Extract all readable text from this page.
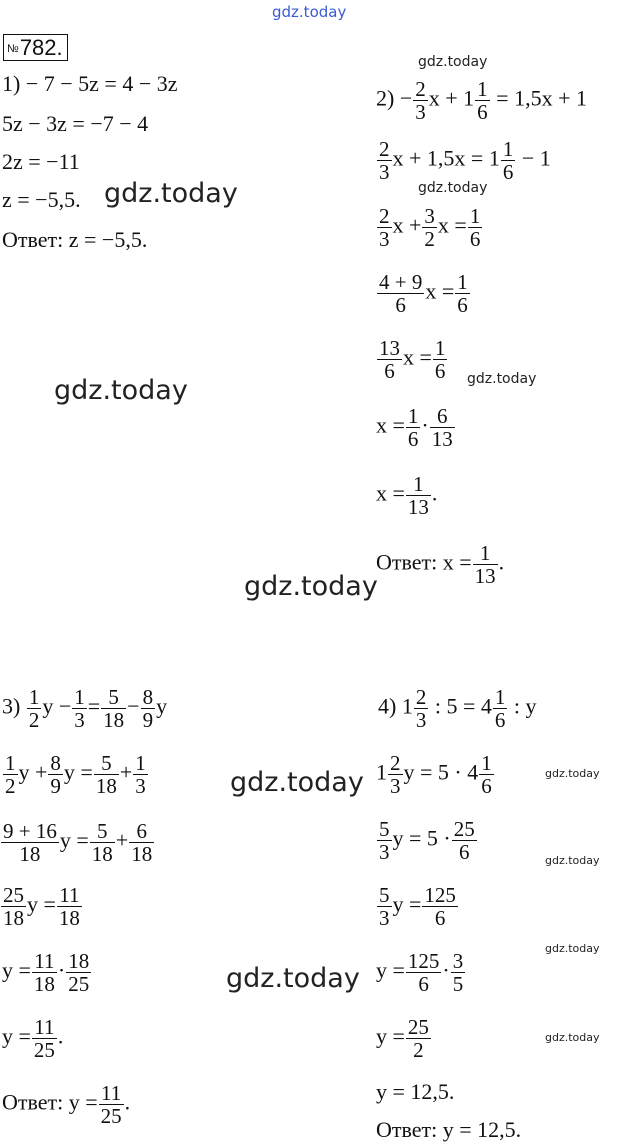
gdz.today
gdz.today
gdz.today	gdz.today
gdz.today
gdz.today
gdz.today
gdz.today
gdz.today
gdz.today
gdz.today
gdz.today
gdz.today
№782.
1) − 7 − 5z = 4 − 3z
5z − 3z = −7 − 4
2z = −11
z = −5,5.
Ответ: z = −5,5.
$2) - \frac{2}{3}$ $x + 1 \frac{1}{6} = 1,5x + 1$
$\frac{2}{3}$ $x + 1,5x = 1 \frac{1}{6} - 1$
$\frac{2}{3}$ $x + \frac{3}{2}$ $x = \frac{1}{6}$
$\frac{4 + 9}{6}$ $x = \frac{1}{6}$
$\frac{13}{6}$ $x = \frac{1}{6}$
$x = \frac{1}{6} \cdot \frac{6}{13}$
$x = \frac{1}{13}$ .
Ответ: $x = \frac{1}{13}$ .
$3) \frac{1}{2}$ $y - \frac{1}{3} = \frac{5}{18} - \frac{8}{9}$ y
$\frac{1}{2}$ $y + \frac{8}{9}$ $y = \frac{5}{18} + \frac{1}{3}$
$\frac{9 + 16}{18}$ $y = \frac{5}{18} + \frac{6}{18}$
$\frac{25}{18}$ $y = \frac{11}{18}$
$y = \frac{11}{18} \cdot \frac{18}{25}$
$y = \frac{11}{25}$ .
Ответ: $y = \frac{11}{25}$ .
4) $1 \frac{2}{3}$ : $5 = 4 \frac{1}{6}$ : y
$1 \frac{2}{3}$ $y = 5 \cdot 4 \frac{1}{6}$
$\frac{5}{3}$ $y = 5 \cdot \frac{25}{6}$
$\frac{5}{3}$ $y = \frac{125}{6}$
$y = \frac{125}{6} \cdot \frac{3}{5}$
$y = \frac{25}{2}$
y = 12,5.
Ответ: y = 12,5.
